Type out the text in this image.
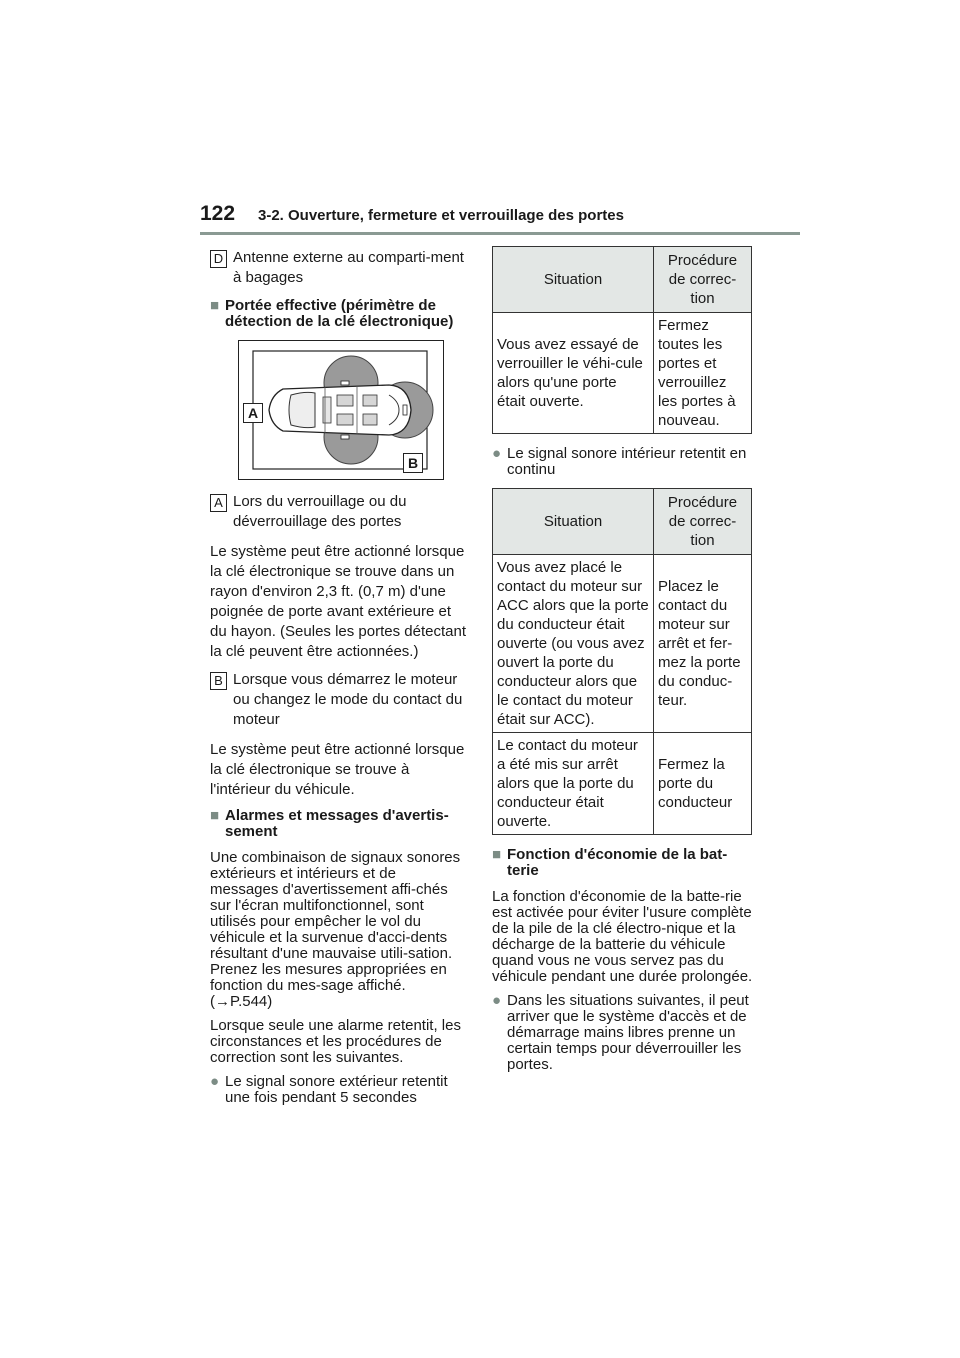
122 3-2. Ouverture, fermeture et verrouillage des portes
D Antenne externe au comparti-ment à bagages
■ Portée effective (périmètre de détection de la clé électronique)
A
B
A Lors du verrouillage ou du déverrouillage des portes

Le système peut être actionné lorsque la clé électronique se trouve dans un rayon d'environ 2,3 ft. (0,7 m) d'une poignée de porte avant extérieure et du hayon. (Seules les portes détectant la clé peuvent être actionnées.)

B Lorsque vous démarrez le moteur ou changez le mode du contact du moteur

Le système peut être actionné lorsque la clé électronique se trouve à l'intérieur du véhicule.

■ Alarmes et messages d'avertis-sement

Une combinaison de signaux sonores extérieurs et intérieurs et de messages d'avertissement affi-chés sur l'écran multifonctionnel, sont utilisés pour empêcher le vol du véhicule et la survenue d'acci-dents résultant d'une mauvaise utili-sation. Prenez les mesures appropriées en fonction du mes-sage affiché. (→P.544)

Lorsque seule une alarme retentit, les circonstances et les procédures de correction sont les suivantes.

● Le signal sonore extérieur retentit une fois pendant 5 secondes
Situation	Procédure de correc-tion
Vous avez essayé de verrouiller le véhi-cule alors qu'une porte était ouverte.	Fermez toutes les portes et verrouillez les portes à nouveau.
● Le signal sonore intérieur retentit en continu
Situation	Procédure de correc-tion
Vous avez placé le contact du moteur sur ACC alors que la porte du conducteur était ouverte (ou vous avez ouvert la porte du conducteur alors que le contact du moteur était sur ACC).	Placez le contact du moteur sur arrêt et fer-mez la porte du conduc-teur.
Le contact du moteur a été mis sur arrêt alors que la porte du conducteur était ouverte.	Fermez la porte du conducteur
■ Fonction d'économie de la bat-terie

La fonction d'économie de la batte-rie est activée pour éviter l'usure complète de la pile de la clé électro-nique et la décharge de la batterie du véhicule quand vous ne vous servez pas du véhicule pendant une durée prolongée.

● Dans les situations suivantes, il peut arriver que le système d'accès et de démarrage mains libres prenne un certain temps pour déverrouiller les portes.
